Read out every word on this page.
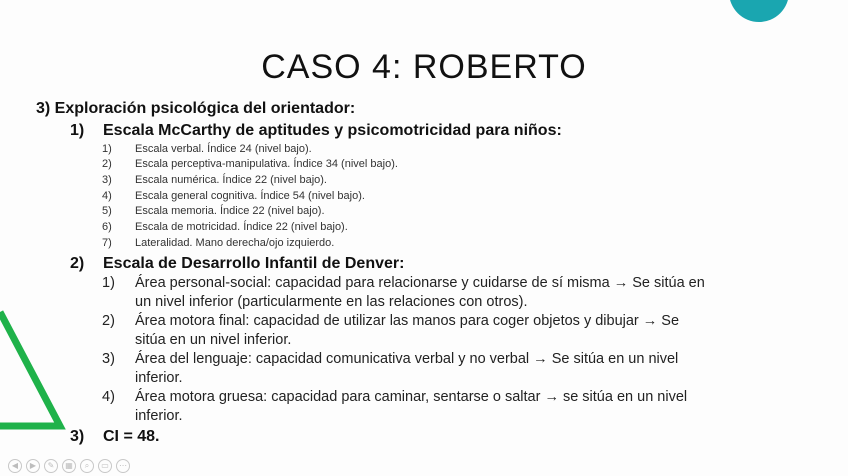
CASO 4: ROBERTO
3) Exploración psicológica del orientador:
1) Escala McCarthy de aptitudes y psicomotricidad para niños:
1) Escala verbal. Índice 24 (nivel bajo).
2) Escala perceptiva-manipulativa. Índice 34 (nivel bajo).
3) Escala numérica. Índice 22 (nivel bajo).
4) Escala general cognitiva. Índice 54 (nivel bajo).
5) Escala memoria. Índice 22 (nivel bajo).
6) Escala de motricidad. Índice 22 (nivel bajo).
7) Lateralidad. Mano derecha/ojo izquierdo.
2) Escala de Desarrollo Infantil de Denver:
1) Área personal-social: capacidad para relacionarse y cuidarse de sí misma → Se sitúa en
un nivel inferior (particularmente en las relaciones con otros).
2) Área motora final: capacidad de utilizar las manos para coger objetos y dibujar → Se
sitúa en un nivel inferior.
3) Área del lenguaje: capacidad comunicativa verbal y no verbal → Se sitúa en un nivel
inferior.
4) Área motora gruesa: capacidad para caminar, sentarse o saltar → se sitúa en un nivel
inferior.
3) CI = 48.
◀	▶	✎	▦	⌕	▭	⋯
